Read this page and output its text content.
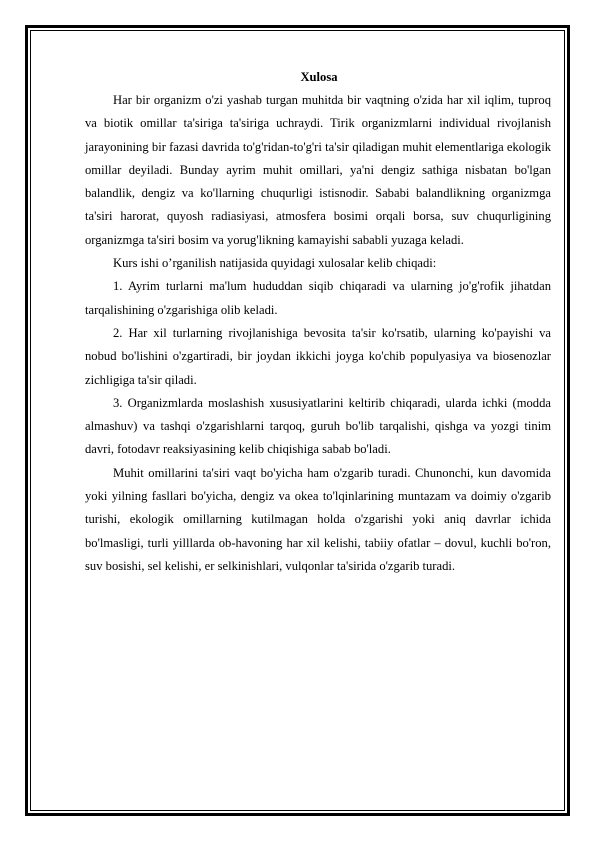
Xulosa

Har bir organizm o'zi yashab turgan muhitda bir vaqtning o'zida har xil iqlim, tuproq va biotik omillar ta'siriga ta'siriga uchraydi. Tirik organizmlarni individual rivojlanish jarayonining bir fazasi davrida to'g'ridan-to'g'ri ta'sir qiladigan muhit elementlariga ekologik omillar deyiladi. Bunday ayrim muhit omillari, ya'ni dengiz sathiga nisbatan bo'lgan balandlik, dengiz va ko'llarning chuqurligi istisnodir. Sababi balandlikning organizmga ta'siri harorat, quyosh radiasiyasi, atmosfera bosimi orqali borsa, suv chuqurligining organizmga ta'siri bosim va yorug'likning kamayishi sababli yuzaga keladi.

Kurs ishi o’rganilish natijasida quyidagi xulosalar kelib chiqadi:

1. Ayrim turlarni ma'lum hududdan siqib chiqaradi va ularning jo'g'rofik jihatdan tarqalishining o'zgarishiga olib keladi.

2. Har xil turlarning rivojlanishiga bevosita ta'sir ko'rsatib, ularning ko'payishi va nobud bo'lishini o'zgartiradi, bir joydan ikkichi joyga ko'chib populyasiya va biosenozlar zichligiga ta'sir qiladi.

3. Organizmlarda moslashish xususiyatlarini keltirib chiqaradi, ularda ichki (modda almashuv) va tashqi o'zgarishlarni tarqoq, guruh bo'lib tarqalishi, qishga va yozgi tinim davri, fotodavr reaksiyasining kelib chiqishiga sabab bo'ladi.

Muhit omillarini ta'siri vaqt bo'yicha ham o'zgarib turadi. Chunonchi, kun davomida yoki yilning fasllari bo'yicha, dengiz va okea to'lqinlarining muntazam va doimiy o'zgarib turishi, ekologik omillarning kutilmagan holda o'zgarishi yoki aniq davrlar ichida bo'lmasligi, turli yilllarda ob-havoning har xil kelishi, tabiiy ofatlar – dovul, kuchli bo'ron, suv bosishi, sel kelishi, er selkinishlari, vulqonlar ta'sirida o'zgarib turadi.
